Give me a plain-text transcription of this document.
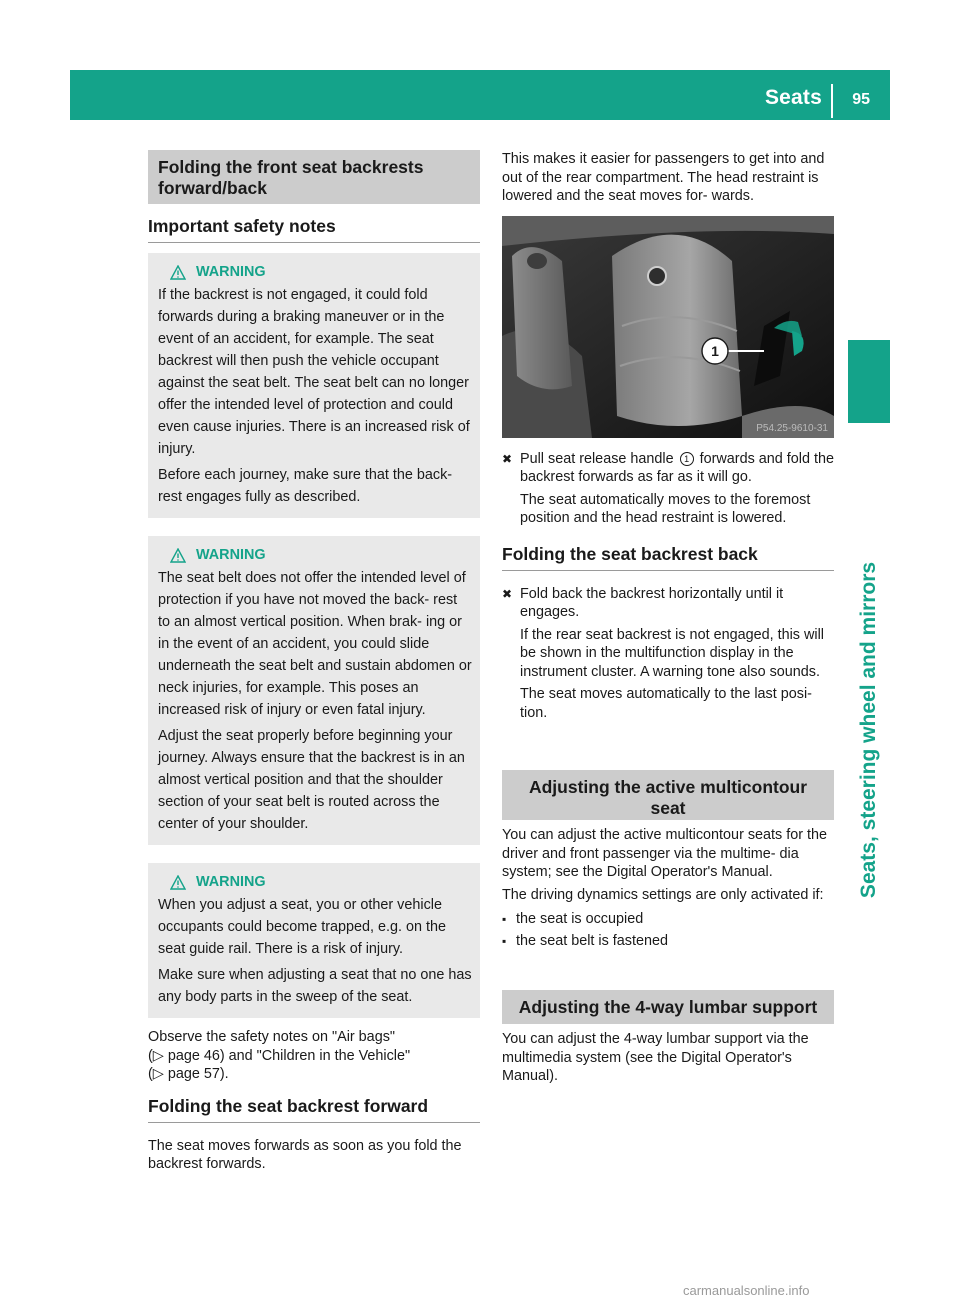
Seats 95
Seats, steering wheel and mirrors
Folding the front seat backrests forward/back
Important safety notes
WARNING

If the backrest is not engaged, it could fold forwards during a braking maneuver or in the event of an accident, for example. The seat backrest will then push the vehicle occupant against the seat belt. The seat belt can no longer offer the intended level of protection and could even cause injuries. There is an increased risk of injury.

Before each journey, make sure that the back- rest engages fully as described.

WARNING

The seat belt does not offer the intended level of protection if you have not moved the back- rest to an almost vertical position. When brak- ing or in the event of an accident, you could slide underneath the seat belt and sustain abdomen or neck injuries, for example. This poses an increased risk of injury or even fatal injury.

Adjust the seat properly before beginning your journey. Always ensure that the backrest is in an almost vertical position and that the shoulder section of your seat belt is routed across the center of your shoulder.

WARNING

When you adjust a seat, you or other vehicle occupants could become trapped, e.g. on the seat guide rail. There is a risk of injury.

Make sure when adjusting a seat that no one has any body parts in the sweep of the seat.

Observe the safety notes on "Air bags"
(▷ page 46) and "Children in the Vehicle"
(▷ page 57).
Folding the seat backrest forward
The seat moves forwards as soon as you fold the backrest forwards.
This makes it easier for passengers to get into and out of the rear compartment. The head restraint is lowered and the seat moves for- wards.
1
P54.25-9610-31
✖ Pull seat release handle 1 forwards and fold the backrest forwards as far as it will go.

The seat automatically moves to the foremost position and the head restraint is lowered.

Folding the seat backrest back
✖ Fold back the backrest horizontally until it engages.

If the rear seat backrest is not engaged, this will be shown in the multifunction display in the instrument cluster. A warning tone also sounds.

The seat moves automatically to the last posi- tion.

Adjusting the active multicontour seat

You can adjust the active multicontour seats for the driver and front passenger via the multime- dia system; see the Digital Operator's Manual.

The driving dynamics settings are only activated if:

▪ the seat is occupied
▪ the seat belt is fastened
Adjusting the 4-way lumbar support
You can adjust the 4-way lumbar support via the multimedia system (see the Digital Operator's Manual).
carmanualsonline.info
